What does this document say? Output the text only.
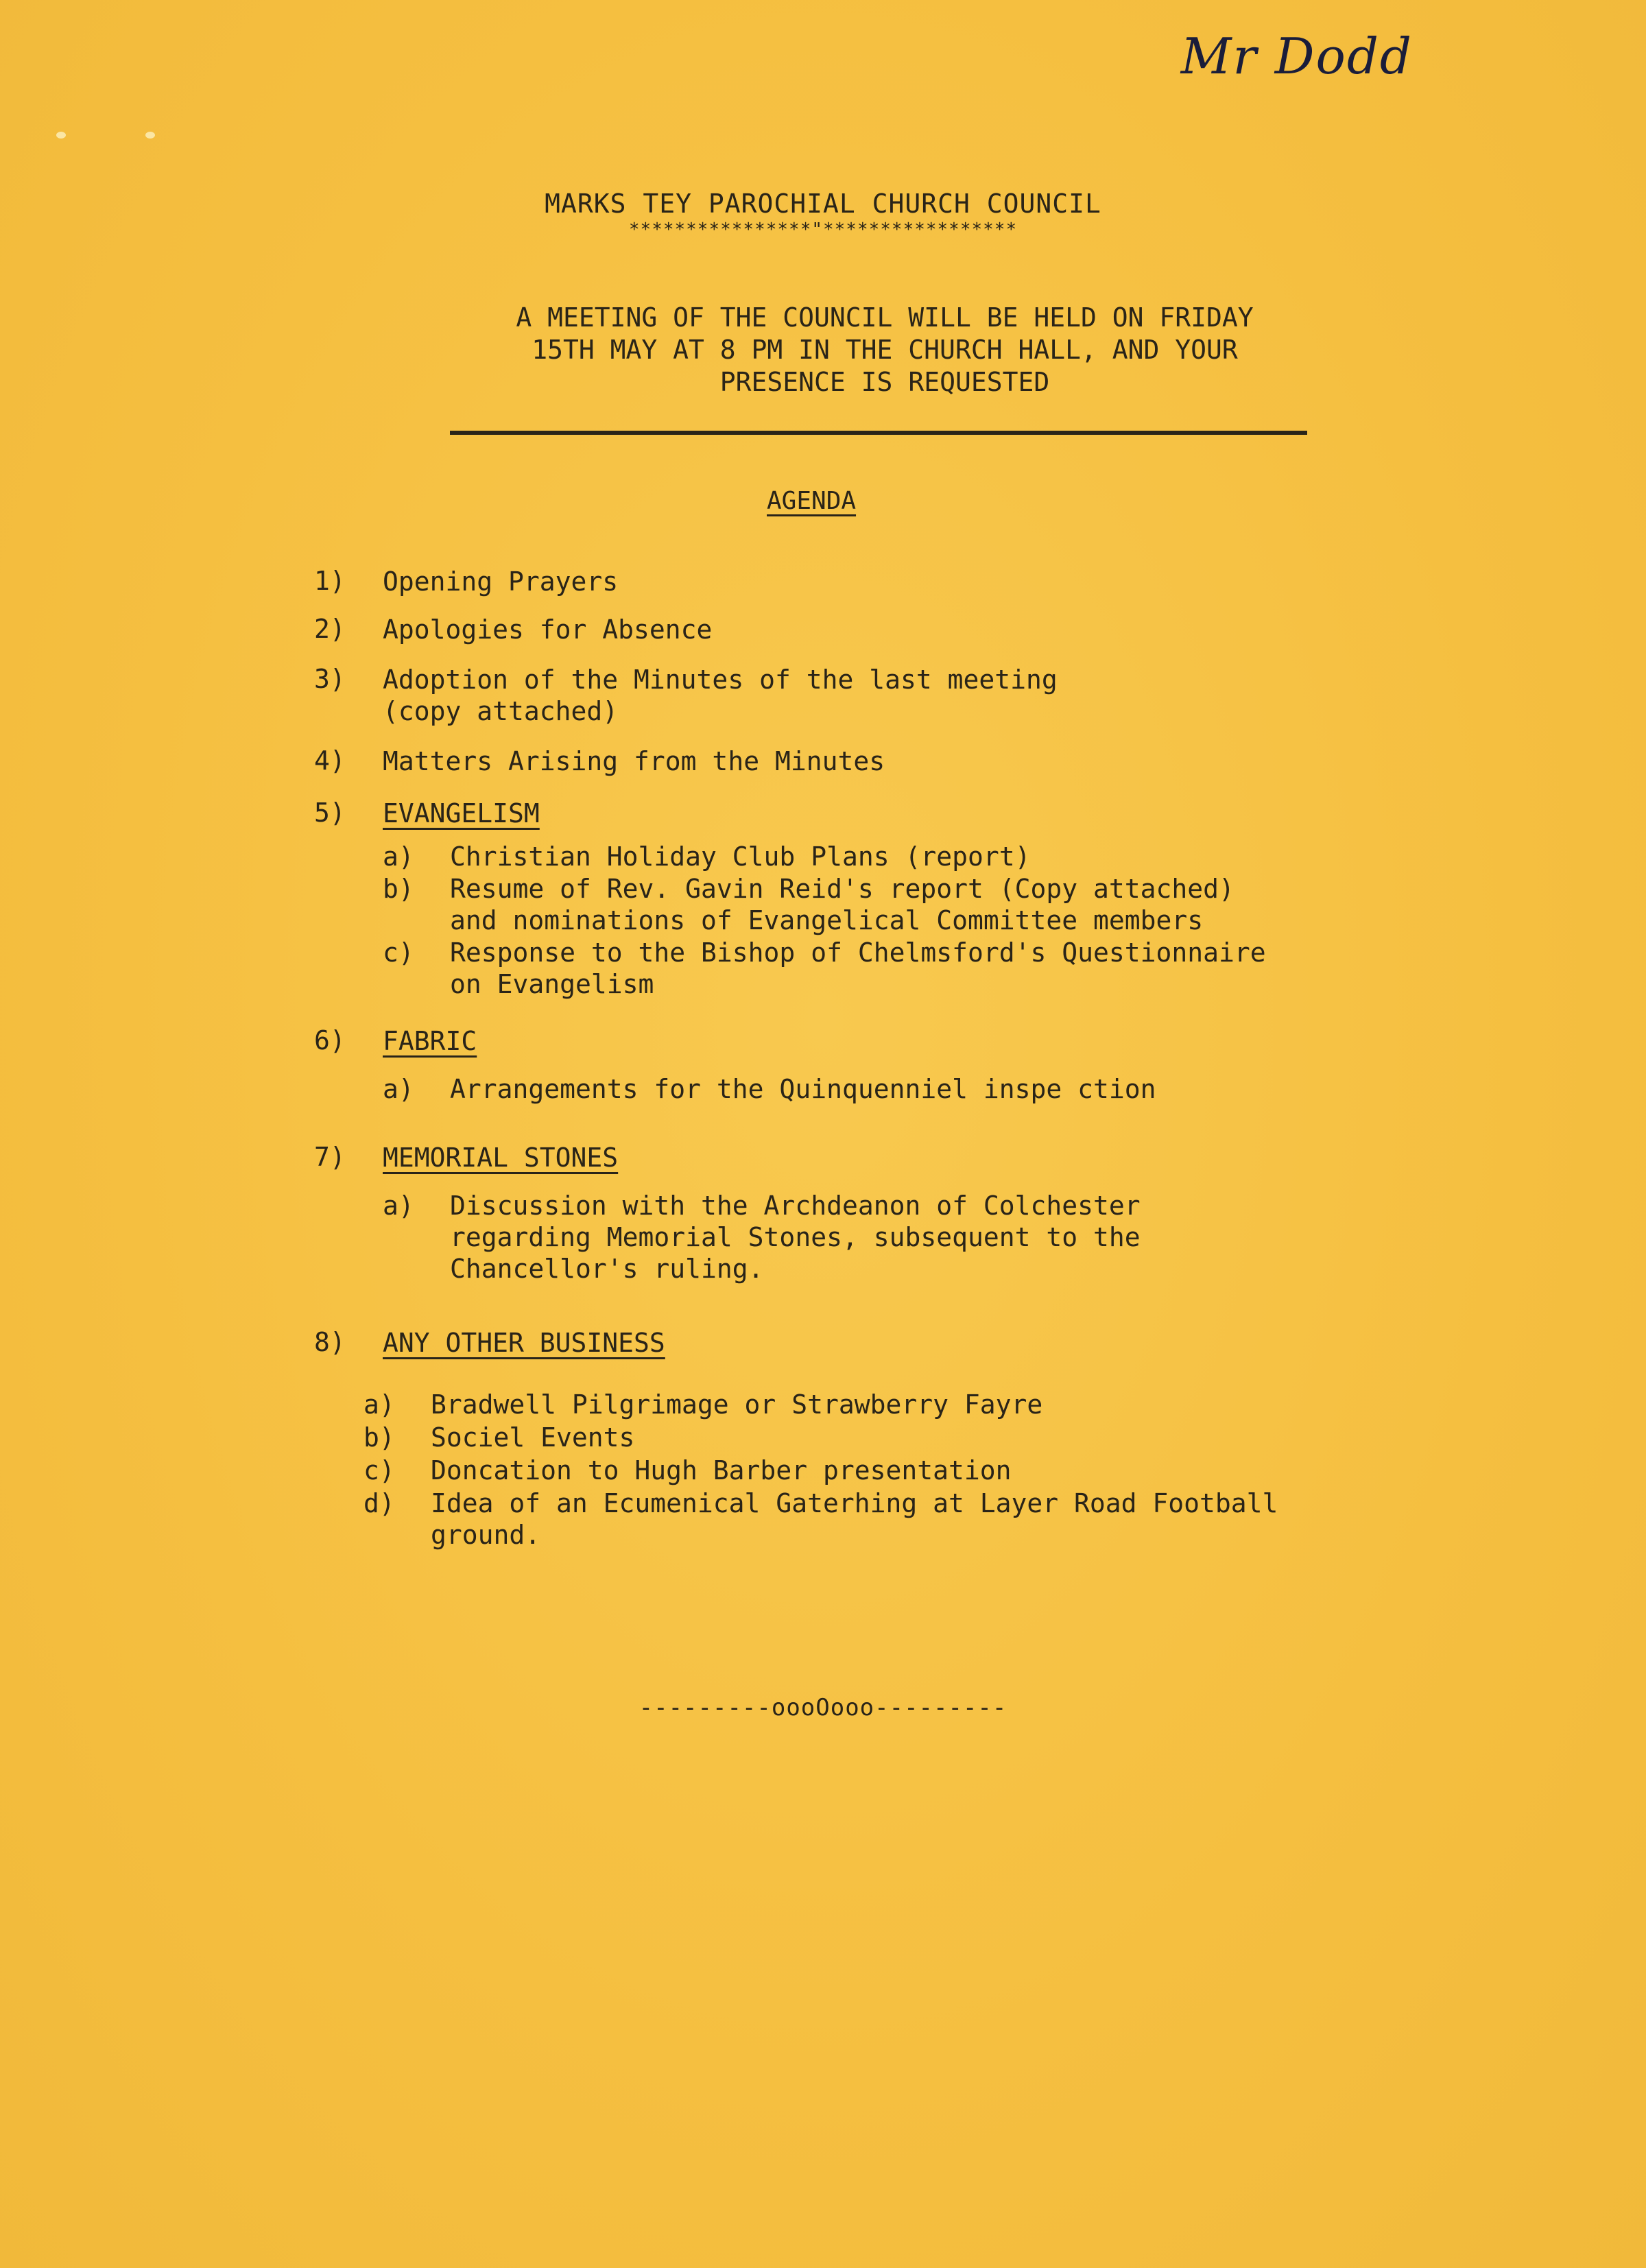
Mr Dodd
MARKS TEY PAROCHIAL CHURCH COUNCIL
****************"*****************
A MEETING OF THE COUNCIL WILL BE HELD ON FRIDAY
15TH MAY AT 8 PM IN THE CHURCH HALL, AND YOUR
PRESENCE IS REQUESTED
AGENDA
1)	Opening Prayers
2)	Apologies for Absence
3)	Adoption of the Minutes of the last meeting
(copy attached)
4)	Matters Arising from the Minutes
5)	EVANGELISM
a) Christian Holiday Club Plans (report)
b) Resume of Rev. Gavin Reid's report (Copy attached)
and nominations of Evangelical Committee members
c) Response to the Bishop of Chelmsford's Questionnaire
on Evangelism
6)	FABRIC
a) Arrangements for the Quinquenniel inspe ction
7)	MEMORIAL STONES
a) Discussion with the Archdeanon of Colchester
regarding Memorial Stones, subsequent to the
Chancellor's ruling.
8)	ANY OTHER BUSINESS
a) Bradwell Pilgrimage or Strawberry Fayre
b) Sociel Events
c) Doncation to Hugh Barber presentation
d) Idea of an Ecumenical Gaterhing at Layer Road Football
ground.
---------oooOooo---------
